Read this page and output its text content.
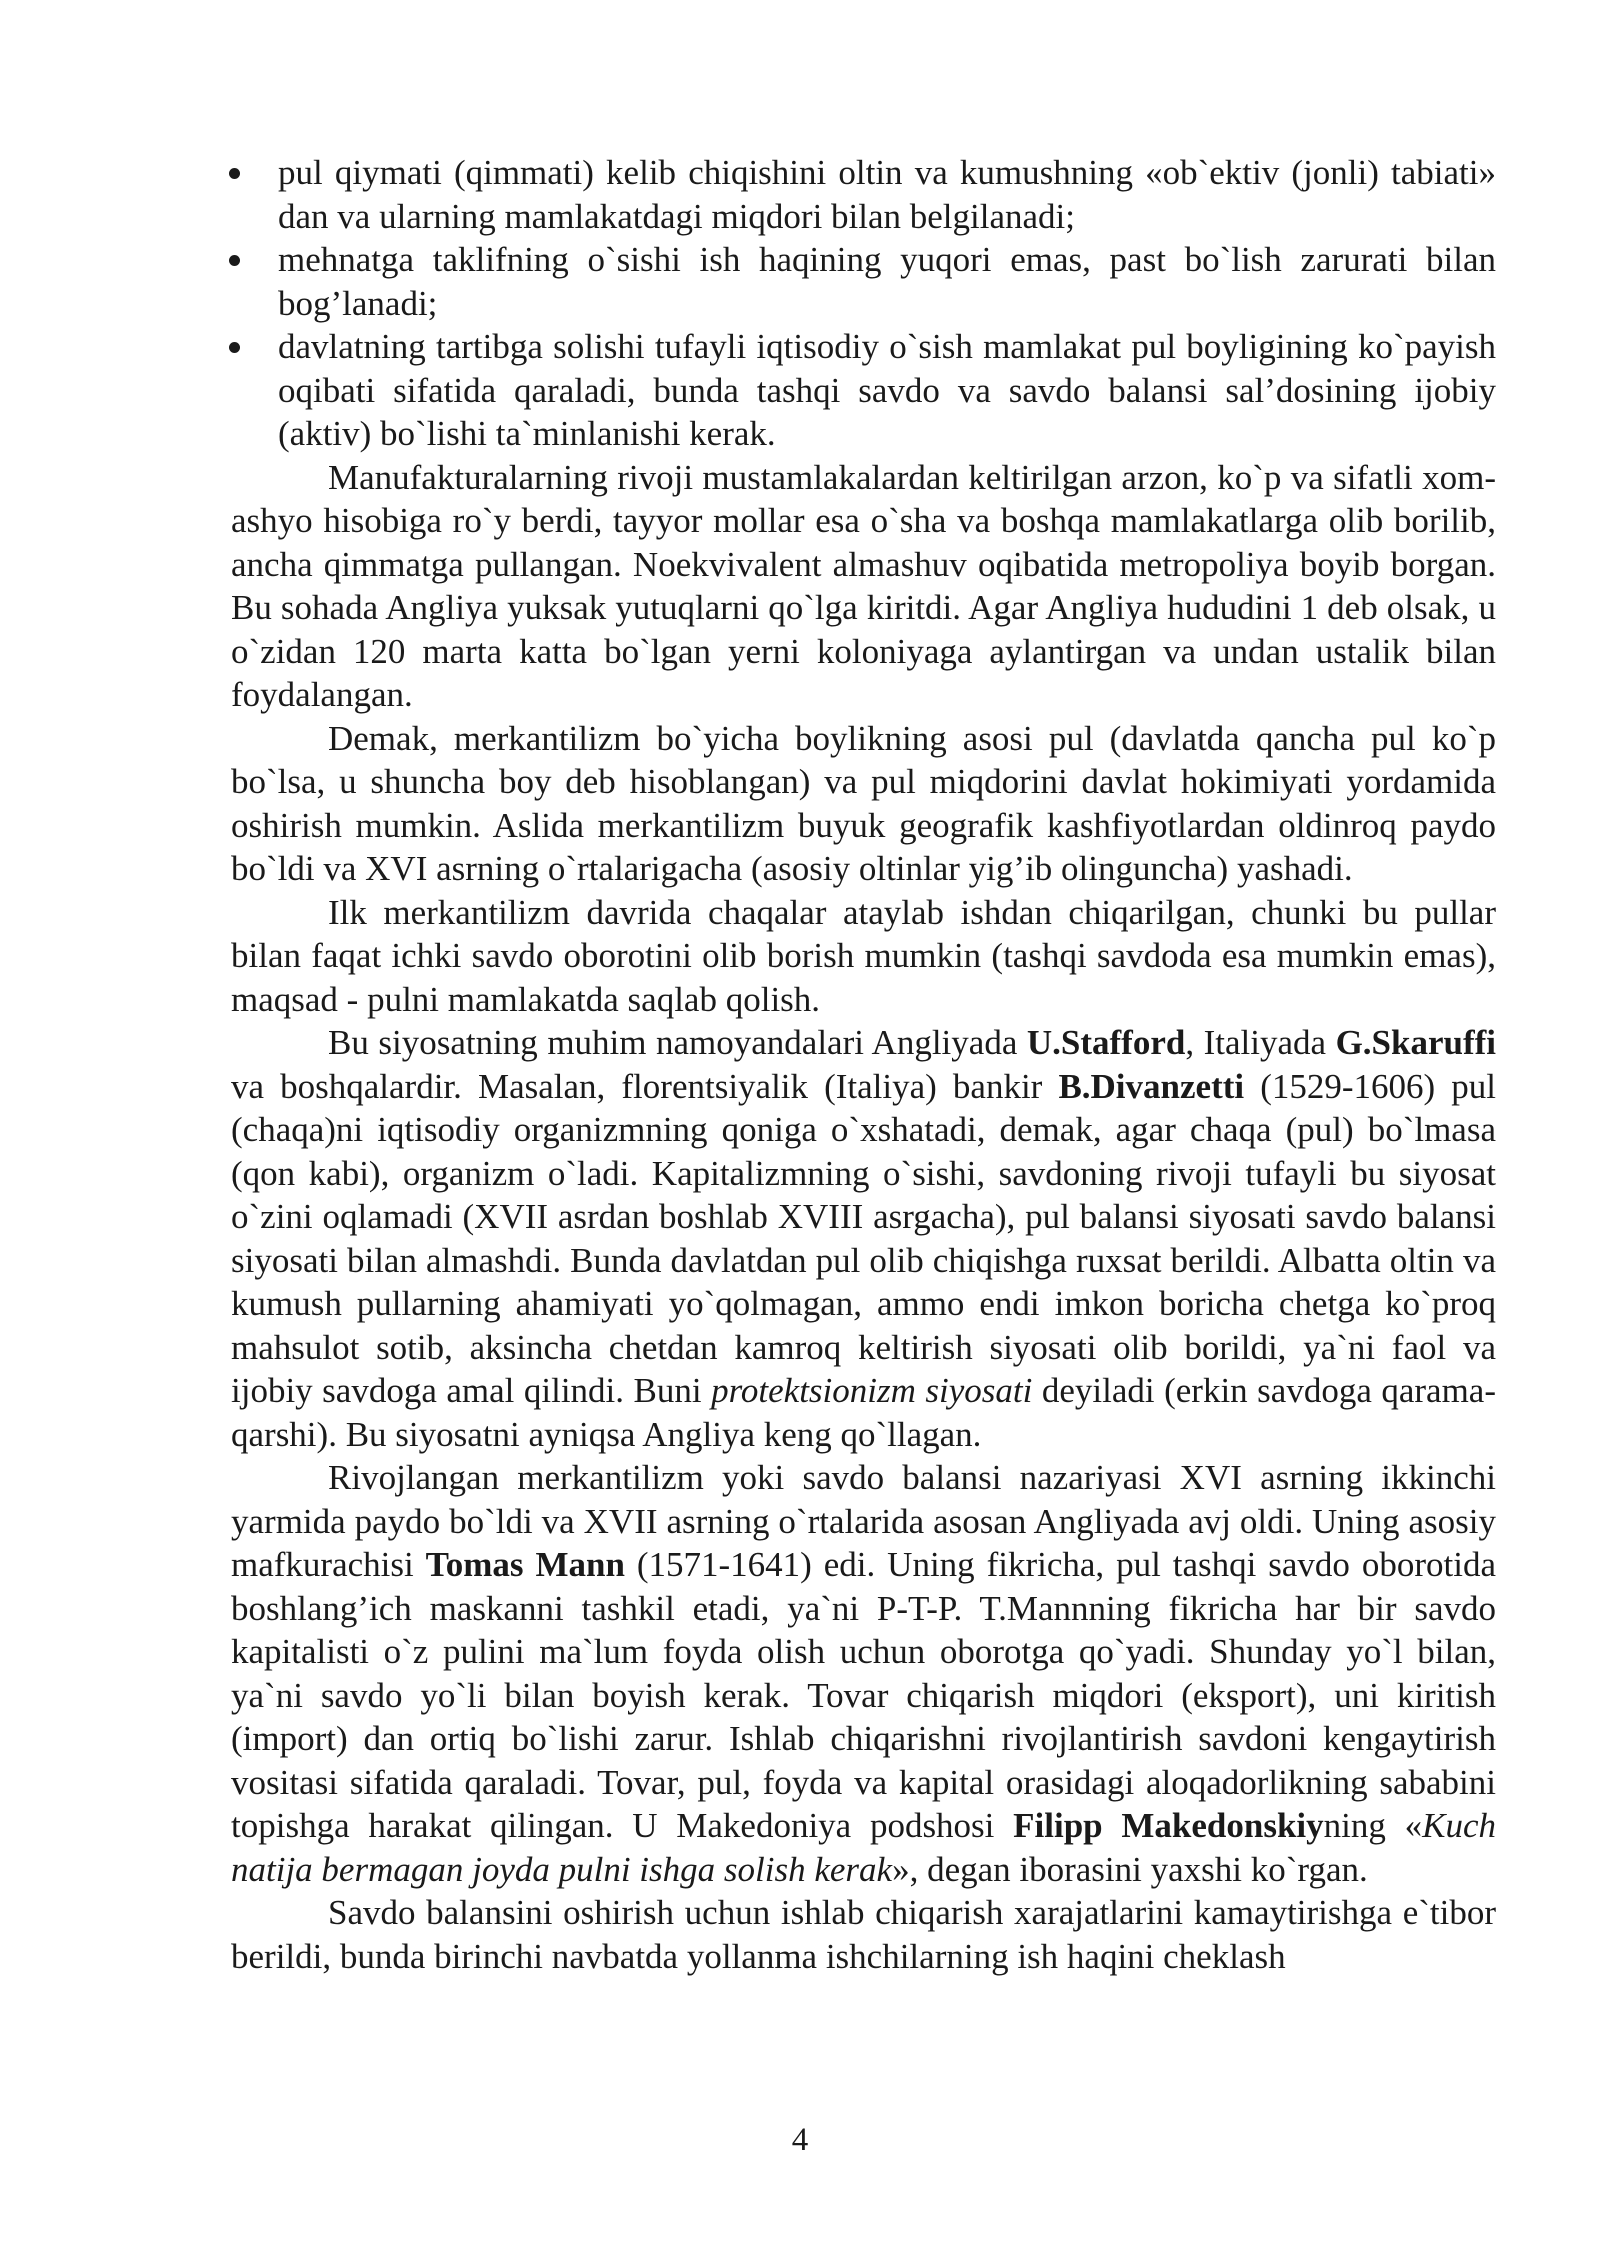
pul qiymati (qimmati) kelib chiqishini oltin va kumushning «ob`ektiv (jonli) tabiati» dan va ularning mamlakatdagi miqdori bilan belgilanadi;
mehnatga taklifning o`sishi ish haqining yuqori emas, past bo`lish zarurati bilan bog’lanadi;
davlatning tartibga solishi tufayli iqtisodiy o`sish mamlakat pul boyligining ko`payish oqibati sifatida qaraladi, bunda tashqi savdo va savdo balansi sal’dosining ijobiy (aktiv) bo`lishi ta`minlanishi kerak.

Manufakturalarning rivoji mustamlakalardan keltirilgan arzon, ko`p va sifatli xom-ashyo hisobiga ro`y berdi, tayyor mollar esa o`sha va boshqa mamlakatlarga olib borilib, ancha qimmatga pullangan. Noekvivalent almashuv oqibatida metropoliya boyib borgan. Bu sohada Angliya yuksak yutuqlarni qo`lga kiritdi. Agar Angliya hududini 1 deb olsak, u o`zidan 120 marta katta bo`lgan yerni koloniyaga aylantirgan va undan ustalik bilan foydalangan.

Demak, merkantilizm bo`yicha boylikning asosi pul (davlatda qancha pul ko`p bo`lsa, u shuncha boy deb hisoblangan) va pul miqdorini davlat hokimiyati yordamida oshirish mumkin. Aslida merkantilizm buyuk geografik kashfiyotlardan oldinroq paydo bo`ldi va XVI asrning o`rtalarigacha (asosiy oltinlar yig’ib olinguncha) yashadi.

Ilk merkantilizm davrida chaqalar ataylab ishdan chiqarilgan, chunki bu pullar bilan faqat ichki savdo oborotini olib borish mumkin (tashqi savdoda esa mumkin emas), maqsad - pulni mamlakatda saqlab qolish.

Bu siyosatning muhim namoyandalari Angliyada U.Stafford, Italiyada G.Skaruffi va boshqalardir. Masalan, florentsiyalik (Italiya) bankir B.Divanzetti (1529-1606) pul (chaqa)ni iqtisodiy organizmning qoniga o`xshatadi, demak, agar chaqa (pul) bo`lmasa (qon kabi), organizm o`ladi. Kapitalizmning o`sishi, savdoning rivoji tufayli bu siyosat o`zini oqlamadi (XVII asrdan boshlab XVIII asrgacha), pul balansi siyosati savdo balansi siyosati bilan almashdi. Bunda davlatdan pul olib chiqishga ruxsat berildi. Albatta oltin va kumush pullarning ahamiyati yo`qolmagan, ammo endi imkon boricha chetga ko`proq mahsulot sotib, aksincha chetdan kamroq keltirish siyosati olib borildi, ya`ni faol va ijobiy savdoga amal qilindi. Buni protektsionizm siyosati deyiladi (erkin savdoga qarama-qarshi). Bu siyosatni ayniqsa Angliya keng qo`llagan.

Rivojlangan merkantilizm yoki savdo balansi nazariyasi XVI asrning ikkinchi yarmida paydo bo`ldi va XVII asrning o`rtalarida asosan Angliyada avj oldi. Uning asosiy mafkurachisi Tomas Mann (1571-1641) edi. Uning fikricha, pul tashqi savdo oborotida boshlang’ich maskanni tashkil etadi, ya`ni P-T-P. T.Mannning fikricha har bir savdo kapitalisti o`z pulini ma`lum foyda olish uchun oborotga qo`yadi. Shunday yo`l bilan, ya`ni savdo yo`li bilan boyish kerak. Tovar chiqarish miqdori (eksport), uni kiritish (import) dan ortiq bo`lishi zarur. Ishlab chiqarishni rivojlantirish savdoni kengaytirish vositasi sifatida qaraladi. Tovar, pul, foyda va kapital orasidagi aloqadorlikning sababini topishga harakat qilingan. U Makedoniya podshosi Filipp Makedonskiyning «Kuch natija bermagan joyda pulni ishga solish kerak», degan iborasini yaxshi ko`rgan.

Savdo balansini oshirish uchun ishlab chiqarish xarajatlarini kamaytirishga e`tibor berildi, bunda birinchi navbatda yollanma ishchilarning ish haqini cheklash

4
